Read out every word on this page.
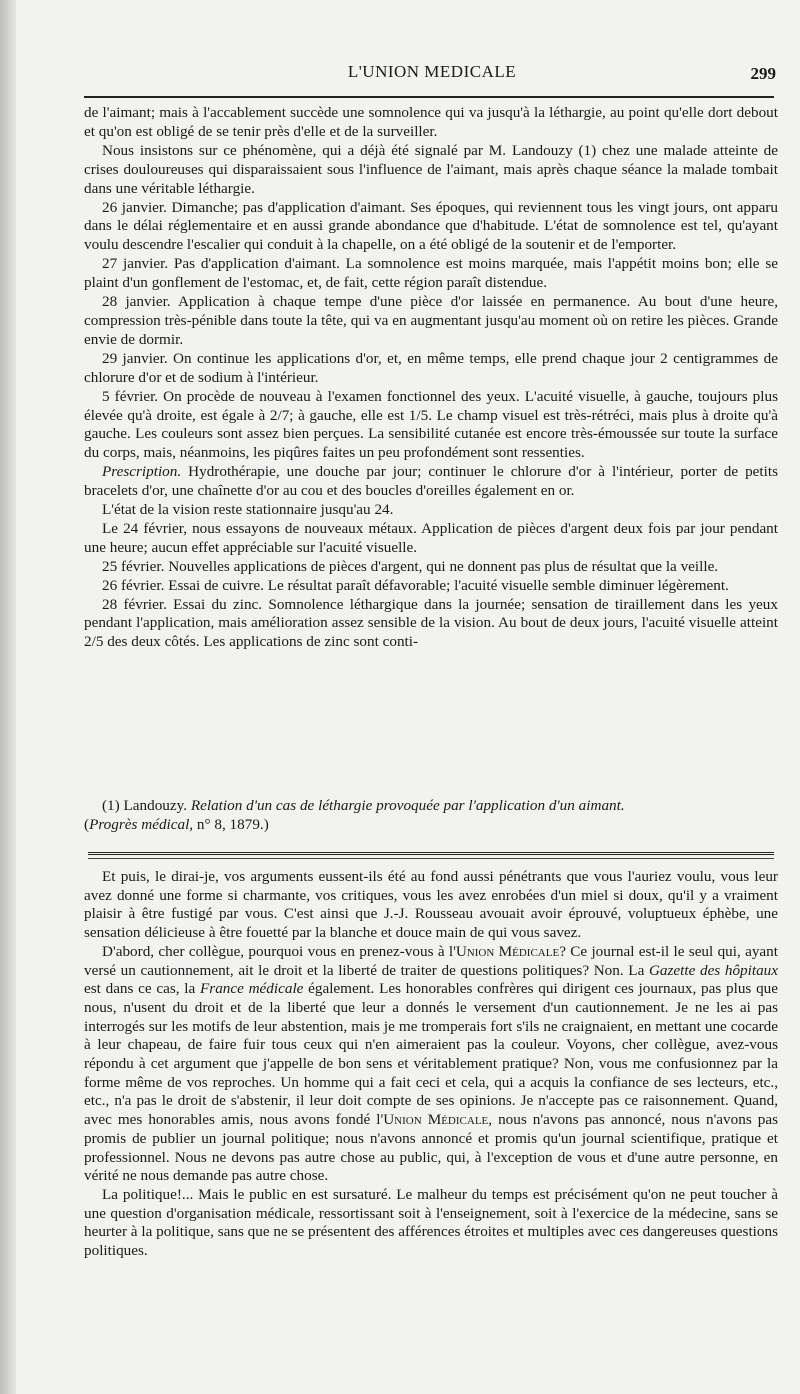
L'UNION MEDICALE	299

de l'aimant; mais à l'accablement succède une somnolence qui va jusqu'à la léthargie, au point qu'elle dort debout et qu'on est obligé de se tenir près d'elle et de la surveiller.

Nous insistons sur ce phénomène, qui a déjà été signalé par M. Landouzy (1) chez une malade atteinte de crises douloureuses qui disparaissaient sous l'influence de l'aimant, mais après chaque séance la malade tombait dans une véritable léthargie.

26 janvier. Dimanche; pas d'application d'aimant. Ses époques, qui reviennent tous les vingt jours, ont apparu dans le délai réglementaire et en aussi grande abondance que d'habitude. L'état de somnolence est tel, qu'ayant voulu descendre l'escalier qui conduit à la chapelle, on a été obligé de la soutenir et de l'emporter.

27 janvier. Pas d'application d'aimant. La somnolence est moins marquée, mais l'appétit moins bon; elle se plaint d'un gonflement de l'estomac, et, de fait, cette région paraît distendue.

28 janvier. Application à chaque tempe d'une pièce d'or laissée en permanence. Au bout d'une heure, compression très-pénible dans toute la tête, qui va en augmentant jusqu'au moment où on retire les pièces. Grande envie de dormir.

29 janvier. On continue les applications d'or, et, en même temps, elle prend chaque jour 2 centigrammes de chlorure d'or et de sodium à l'intérieur.

5 février. On procède de nouveau à l'examen fonctionnel des yeux. L'acuité visuelle, à gauche, toujours plus élevée qu'à droite, est égale à 2/7; à gauche, elle est 1/5. Le champ visuel est très-rétréci, mais plus à droite qu'à gauche. Les couleurs sont assez bien perçues. La sensibilité cutanée est encore très-émoussée sur toute la surface du corps, mais, néanmoins, les piqûres faites un peu profondément sont ressenties.

Prescription. Hydrothérapie, une douche par jour; continuer le chlorure d'or à l'intérieur, porter de petits bracelets d'or, une chaînette d'or au cou et des boucles d'oreilles également en or.

L'état de la vision reste stationnaire jusqu'au 24.

Le 24 février, nous essayons de nouveaux métaux. Application de pièces d'argent deux fois par jour pendant une heure; aucun effet appréciable sur l'acuité visuelle.

25 février. Nouvelles applications de pièces d'argent, qui ne donnent pas plus de résultat que la veille.

26 février. Essai de cuivre. Le résultat paraît défavorable; l'acuité visuelle semble diminuer légèrement.

28 février. Essai du zinc. Somnolence léthargique dans la journée; sensation de tiraillement dans les yeux pendant l'application, mais amélioration assez sensible de la vision. Au bout de deux jours, l'acuité visuelle atteint 2/5 des deux côtés. Les applications de zinc sont conti-

(1) Landouzy. Relation d'un cas de léthargie provoquée par l'application d'un aimant.
(Progrès médical, n° 8, 1879.)

Et puis, le dirai-je, vos arguments eussent-ils été au fond aussi pénétrants que vous l'auriez voulu, vous leur avez donné une forme si charmante, vos critiques, vous les avez enrobées d'un miel si doux, qu'il y a vraiment plaisir à être fustigé par vous. C'est ainsi que J.-J. Rousseau avouait avoir éprouvé, voluptueux éphèbe, une sensation délicieuse à être fouetté par la blanche et douce main de qui vous savez.

D'abord, cher collègue, pourquoi vous en prenez-vous à l'Union Médicale? Ce journal est-il le seul qui, ayant versé un cautionnement, ait le droit et la liberté de traiter de questions politiques? Non. La Gazette des hôpitaux est dans ce cas, la France médicale également. Les honorables confrères qui dirigent ces journaux, pas plus que nous, n'usent du droit et de la liberté que leur a donnés le versement d'un cautionnement. Je ne les ai pas interrogés sur les motifs de leur abstention, mais je me tromperais fort s'ils ne craignaient, en mettant une cocarde à leur chapeau, de faire fuir tous ceux qui n'en aimeraient pas la couleur. Voyons, cher collègue, avez-vous répondu à cet argument que j'appelle de bon sens et véritablement pratique? Non, vous me confusionnez par la forme même de vos reproches. Un homme qui a fait ceci et cela, qui a acquis la confiance de ses lecteurs, etc., etc., n'a pas le droit de s'abstenir, il leur doit compte de ses opinions. Je n'accepte pas ce raisonnement. Quand, avec mes honorables amis, nous avons fondé l'Union Médicale, nous n'avons pas annoncé, nous n'avons pas promis de publier un journal politique; nous n'avons annoncé et promis qu'un journal scientifique, pratique et professionnel. Nous ne devons pas autre chose au public, qui, à l'exception de vous et d'une autre personne, en vérité ne nous demande pas autre chose.

La politique!... Mais le public en est sursaturé. Le malheur du temps est précisément qu'on ne peut toucher à une question d'organisation médicale, ressortissant soit à l'enseignement, soit à l'exercice de la médecine, sans se heurter à la politique, sans que ne se présentent des afférences étroites et multiples avec ces dangereuses questions politiques.
